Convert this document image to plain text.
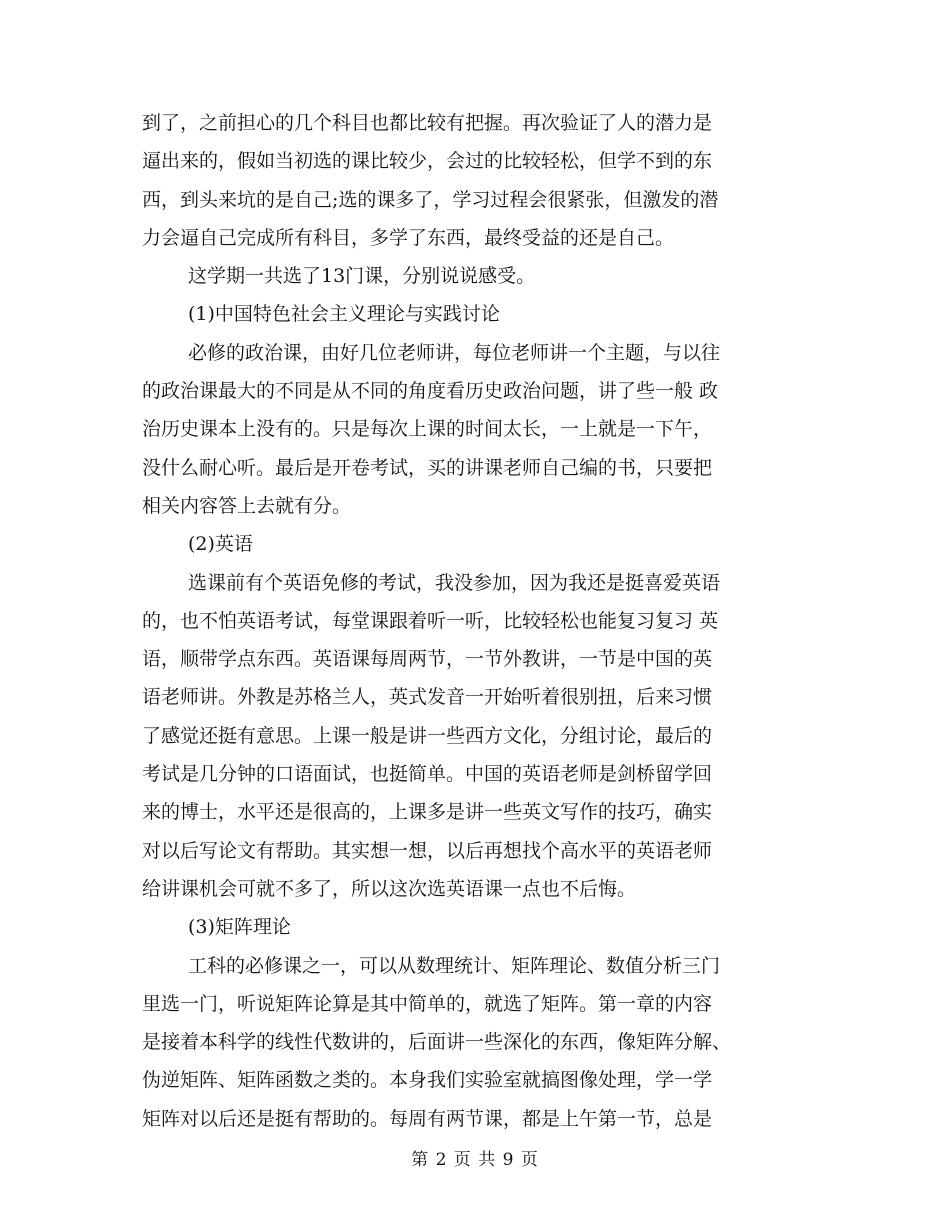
到了，之前担心的几个科目也都比较有把握。再次验证了人的潜力是
逼出来的，假如当初选的课比较少，会过的比较轻松，但学不到的东
西，到头来坑的是自己;选的课多了，学习过程会很紧张，但激发的潜
力会逼自己完成所有科目，多学了东西，最终受益的还是自己。
这学期一共选了13门课，分别说说感受。
(1)中国特色社会主义理论与实践讨论
必修的政治课，由好几位老师讲，每位老师讲一个主题，与以往
的政治课最大的不同是从不同的角度看历史政治问题，讲了些一般 政
治历史课本上没有的。只是每次上课的时间太长，一上就是一下午，
没什么耐心听。最后是开卷考试，买的讲课老师自己编的书，只要把
相关内容答上去就有分。
(2)英语
选课前有个英语免修的考试，我没参加，因为我还是挺喜爱英语
的，也不怕英语考试，每堂课跟着听一听，比较轻松也能复习复习 英
语，顺带学点东西。英语课每周两节，一节外教讲，一节是中国的英
语老师讲。外教是苏格兰人，英式发音一开始听着很别扭，后来习惯
了感觉还挺有意思。上课一般是讲一些西方文化，分组讨论，最后的
考试是几分钟的口语面试，也挺简单。中国的英语老师是剑桥留学回
来的博士，水平还是很高的，上课多是讲一些英文写作的技巧，确实
对以后写论文有帮助。其实想一想，以后再想找个高水平的英语老师
给讲课机会可就不多了，所以这次选英语课一点也不后悔。
(3)矩阵理论
工科的必修课之一，可以从数理统计、矩阵理论、数值分析三门
里选一门，听说矩阵论算是其中简单的，就选了矩阵。第一章的内容
是接着本科学的线性代数讲的，后面讲一些深化的东西，像矩阵分解、
伪逆矩阵、矩阵函数之类的。本身我们实验室就搞图像处理，学一学
矩阵对以后还是挺有帮助的。每周有两节课，都是上午第一节，总是
第 2 页 共 9 页
